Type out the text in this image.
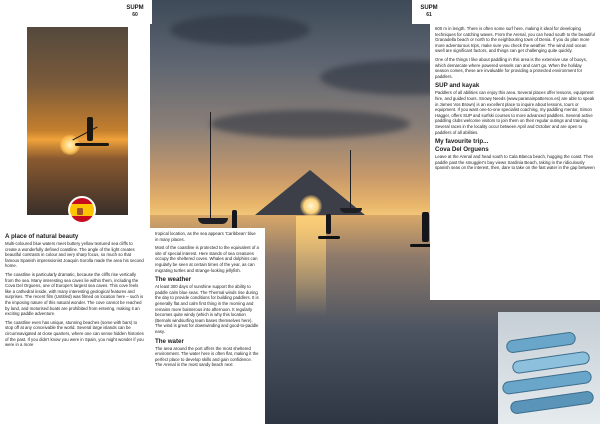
SUPM
60
SUPM
61
A place of natural beauty

Multi-coloured blue waters meet buttery yellow textured sea cliffs to create a wonderfully defined coastline. The angle of the light creates beautiful contrasts in colour and very sharp focus, so much so that famous Spanish impressionist Joaquín Sorolla made the area his second home.

The coastline is particularly dramatic, because the cliffs rise vertically from the sea. Many interesting sea caves lie within them, including the Cova Del Orguens, one of Europe's largest sea caves. This cove feels like a cathedral inside, with many interesting geological features and surprises. The recent film (Untitled) was filmed on location here – such is the imposing nature of this natural wonder. The cove cannot be reached by land, and motorised boats are prohibited from entering, making it an exciting paddle adventure.

The coastline even has unique, stunning beaches (some with bars) to stop off at any conceivable the world. Several large islands can be circumnavigated at close quarters, where one can sense hidden histories of the past. If you didn't know you were in Spain, you might wonder if you were in a more

tropical location, as the sea appears 'Caribbean' blue in many places.

Most of the coastline is protected to the equivalent of a site of special interest. Here stands of sea creatures occupy the sheltered coves. Whales and dolphins can regularly be seen at certain times of the year, as can migrating turtles and strange-looking jellyfish.

The weather

At least 300 days of sunshine support the ability to paddle calm blue seas. The Thermal winds rise during the day to provide conditions for building paddlers. It is generally flat and calm first thing in the morning and remains more boisterous into afternoon. It regularly becomes quite windy (which is why this location (Bernals windsurfing team bases themselves here). The wind is great for downwinding and good-to-paddle easy.

The water

The area around the port offers the most sheltered environment. The water here is often flat, making it the perfect place to develop skills and gain confidence. The Arenal is the most sandy beach next

600 m in length. There is often some surf here, making it ideal for developing techniques for catching waves. From the Arenal, you can head south to the beautiful Granadella beach or north to the neighbouring town of Denia. If you do plan more more adventurous trips, make sure you check the weather. The wind and ocean swell are significant factors, and things can get challenging quite quickly.

One of the things I like about paddling in this area is the extensive use of buoys, which demarcate where powered vessels can and can't go. When the holiday season comes, these are invaluable for providing a protected environment for paddlers.

SUP and kayak

Paddlers of all abilities can enjoy this area. Several places offer lessons, equipment hire, and guided tours. Snowy Needs (www.paranainpatterson.es) are able to speak in James Vos Brown) is an excellent place to inquire about lessons, tours or equipment. If you want one-to-one specialist coaching, my paddling mentor, Simon Hagger, offers SUP and surfski courses to more advanced paddlers. Several active paddling clubs welcome visitors to join them on their regular outings and training. Several races in the locality occur between April and October and are open to paddlers of all abilities.

My favourite trip...
Cova Del Orguens

Leave at the Arenal and head south to Cala Blanca beach, hugging the coast. Then paddle past the smuggler's bay views Sardinia Beach, taking in the ridiculously spanish seas on the interest, then, dare to take on the fast water in the gap between
